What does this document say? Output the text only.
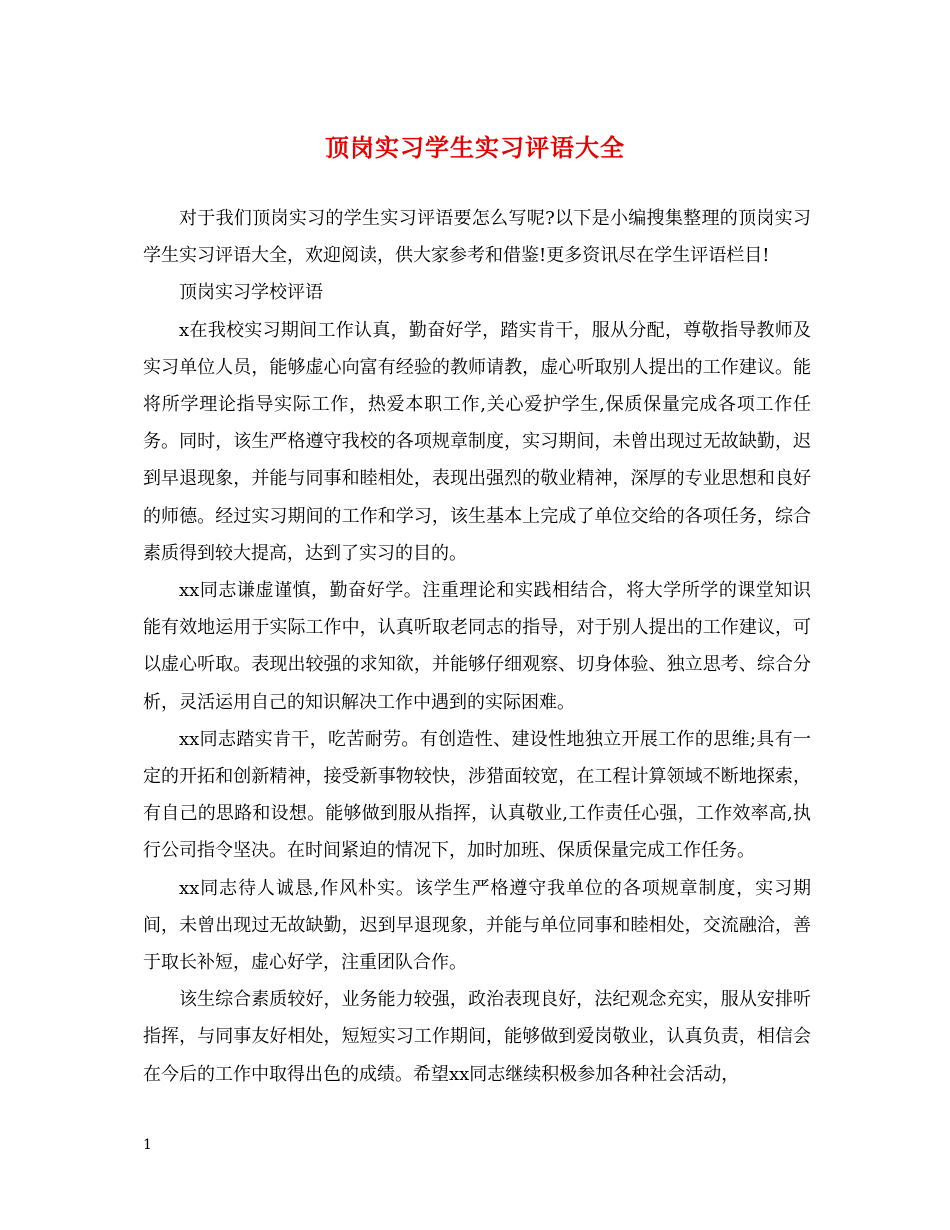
顶岗实习学生实习评语大全

对于我们顶岗实习的学生实习评语要怎么写呢?以下是小编搜集整理的顶岗实习学生实习评语大全，欢迎阅读，供大家参考和借鉴!更多资讯尽在学生评语栏目!

顶岗实习学校评语

x在我校实习期间工作认真，勤奋好学，踏实肯干，服从分配，尊敬指导教师及实习单位人员，能够虚心向富有经验的教师请教，虚心听取别人提出的工作建议。能将所学理论指导实际工作，热爱本职工作,关心爱护学生,保质保量完成各项工作任务。同时，该生严格遵守我校的各项规章制度，实习期间，未曾出现过无故缺勤，迟到早退现象，并能与同事和睦相处，表现出强烈的敬业精神，深厚的专业思想和良好的师德。经过实习期间的工作和学习，该生基本上完成了单位交给的各项任务，综合素质得到较大提高，达到了实习的目的。

xx同志谦虚谨慎，勤奋好学。注重理论和实践相结合，将大学所学的课堂知识能有效地运用于实际工作中，认真听取老同志的指导，对于别人提出的工作建议，可以虚心听取。表现出较强的求知欲，并能够仔细观察、切身体验、独立思考、综合分析，灵活运用自己的知识解决工作中遇到的实际困难。

xx同志踏实肯干，吃苦耐劳。有创造性、建设性地独立开展工作的思维;具有一定的开拓和创新精神，接受新事物较快，涉猎面较宽，在工程计算领域不断地探索，有自己的思路和设想。能够做到服从指挥，认真敬业,工作责任心强，工作效率高,执行公司指令坚决。在时间紧迫的情况下，加时加班、保质保量完成工作任务。

xx同志待人诚恳,作风朴实。该学生严格遵守我单位的各项规章制度，实习期间，未曾出现过无故缺勤，迟到早退现象，并能与单位同事和睦相处，交流融洽，善于取长补短，虚心好学，注重团队合作。

该生综合素质较好，业务能力较强，政治表现良好，法纪观念充实，服从安排听指挥，与同事友好相处，短短实习工作期间，能够做到爱岗敬业，认真负责，相信会在今后的工作中取得出色的成绩。希望xx同志继续积极参加各种社会活动，

1
